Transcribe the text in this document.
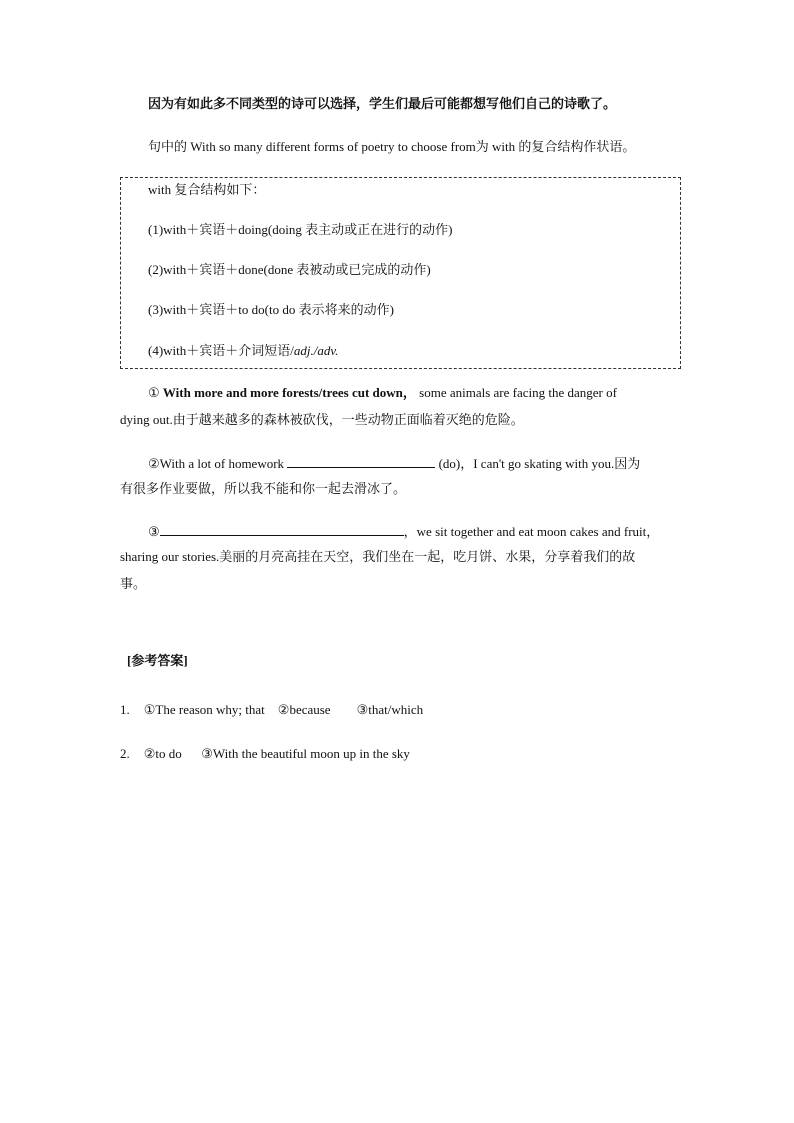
因为有如此多不同类型的诗可以选择，学生们最后可能都想写他们自己的诗歌了。
句中的 With so many different forms of poetry to choose from为 with 的复合结构作状语。
with 复合结构如下：
(1)with＋宾语＋doing(doing 表主动或正在进行的动作)
(2)with＋宾语＋done(done 表被动或已完成的动作)
(3)with＋宾语＋to do(to do 表示将来的动作)
(4)with＋宾语＋介词短语/adj./adv.
① With more and more forests/trees cut down， some animals are facing the danger of
dying out.由于越来越多的森林被砍伐，一些动物正面临着灭绝的危险。
②With a lot of homework	(do)，I can't go skating with you.因为
有很多作业要做，所以我不能和你一起去滑冰了。
③	，we sit together and eat moon cakes and fruit，
sharing our stories.美丽的月亮高挂在天空，我们坐在一起，吃月饼、水果，分享着我们的故
事。
[参考答案]
1. ①The reason why; that    ②because        ③that/which
2. ②to do      ③With the beautiful moon up in the sky
